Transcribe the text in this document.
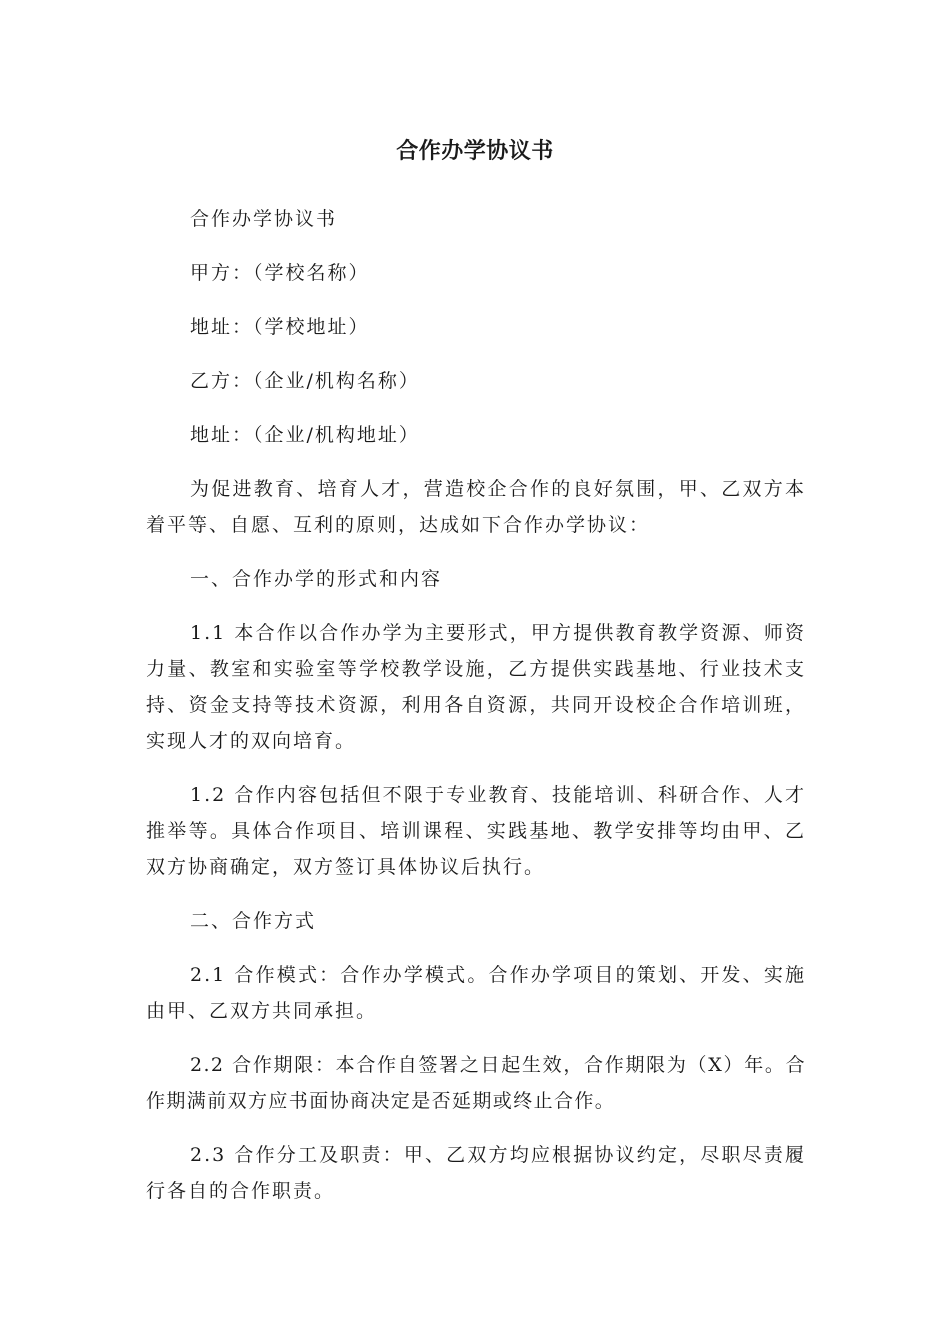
合作办学协议书

合作办学协议书

甲方：（学校名称）

地址：（学校地址）

乙方：（企业/机构名称）

地址：（企业/机构地址）

为促进教育、培育人才，营造校企合作的良好氛围，甲、乙双方本着平等、自愿、互利的原则，达成如下合作办学协议：

一、合作办学的形式和内容

1.1 本合作以合作办学为主要形式，甲方提供教育教学资源、师资力量、教室和实验室等学校教学设施，乙方提供实践基地、行业技术支持、资金支持等技术资源，利用各自资源，共同开设校企合作培训班，实现人才的双向培育。

1.2 合作内容包括但不限于专业教育、技能培训、科研合作、人才推举等。具体合作项目、培训课程、实践基地、教学安排等均由甲、乙双方协商确定，双方签订具体协议后执行。

二、合作方式

2.1 合作模式：合作办学模式。合作办学项目的策划、开发、实施由甲、乙双方共同承担。

2.2 合作期限：本合作自签署之日起生效，合作期限为（X）年。合作期满前双方应书面协商决定是否延期或终止合作。

2.3 合作分工及职责：甲、乙双方均应根据协议约定，尽职尽责履行各自的合作职责。
